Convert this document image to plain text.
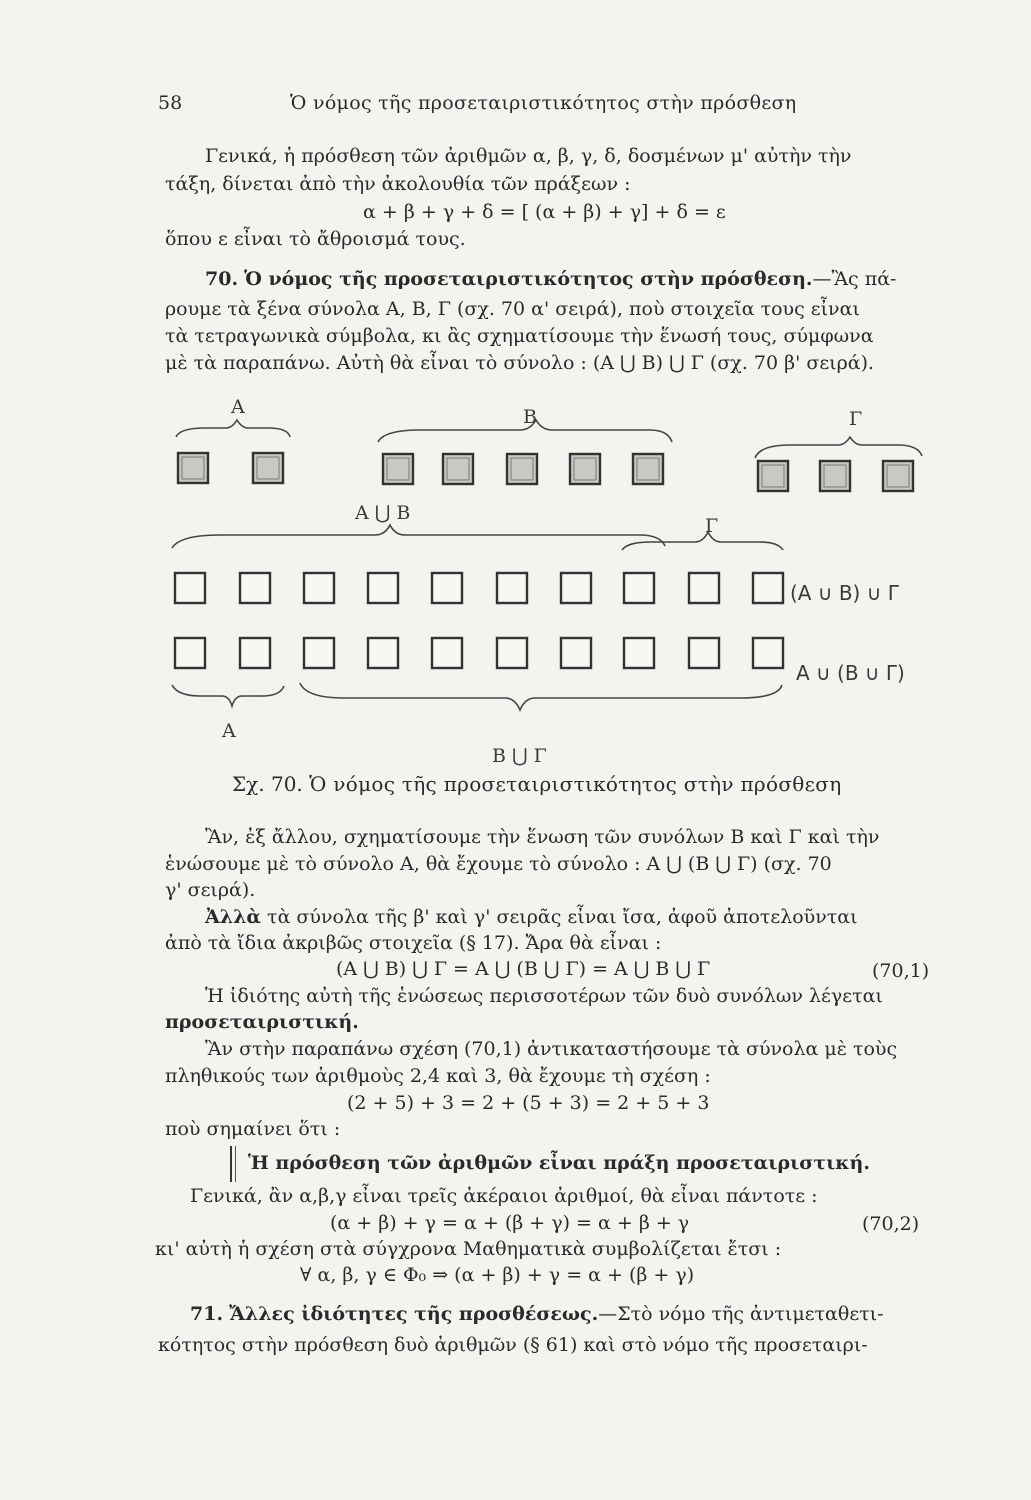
58	Ὁ νόμος τῆς προσεταιριστικότητος στὴν πρόσθεση
Γενικά, ἡ πρόσθεση τῶν ἀριθμῶν α, β, γ, δ, δοσμένων μ' αὐτὴν τὴν
τάξη, δίνεται ἀπὸ τὴν ἀκολουθία τῶν πράξεων :
α + β + γ + δ = [ (α + β) + γ] + δ = ε
ὅπου ε εἶναι τὸ ἄθροισμά τους.
70. Ὁ νόμος τῆς προσεταιριστικότητος στὴν πρόσθεση.—Ἂς πά-
ρουμε τὰ ξένα σύνολα Α, Β, Γ (σχ. 70 α' σειρά), ποὺ στοιχεῖα τους εἶναι
τὰ τετραγωνικὰ σύμβολα, κι ἂς σχηματίσουμε τὴν ἕνωσή τους, σύμφωνα
μὲ τὰ παραπάνω. Αὐτὴ θὰ εἶναι τὸ σύνολο : (Α ⋃ Β) ⋃ Γ (σχ. 70 β' σειρά).
Α	Β	Γ
Α ⋃ Β
Γ
(Α ∪ Β) ∪ Γ
Α ∪ (Β ∪ Γ)
Α
Β ⋃ Γ
Σχ. 70. Ὁ νόμος τῆς προσεταιριστικότητος στὴν πρόσθεση
Ἂν, ἐξ ἄλλου, σχηματίσουμε τὴν ἕνωση τῶν συνόλων Β καὶ Γ καὶ τὴν
ἑνώσουμε μὲ τὸ σύνολο Α, θὰ ἔχουμε τὸ σύνολο : Α ⋃ (Β ⋃ Γ) (σχ. 70
γ' σειρά).
Ἀλλὰ τὰ σύνολα τῆς β' καὶ γ' σειρᾶς εἶναι ἴσα, ἀφοῦ ἀποτελοῦνται
ἀπὸ τὰ ἴδια ἀκριβῶς στοιχεῖα (§ 17). Ἄρα θὰ εἶναι :
(Α ⋃ Β) ⋃ Γ = Α ⋃ (Β ⋃ Γ) = Α ⋃ Β ⋃ Γ	(70,1)
Ἡ ἰδιότης αὐτὴ τῆς ἑνώσεως περισσοτέρων τῶν δυὸ συνόλων λέγεται
προσεταιριστική.
Ἂν στὴν παραπάνω σχέση (70,1) ἀντικαταστήσουμε τὰ σύνολα μὲ τοὺς
πληθικούς των ἀριθμοὺς 2,4 καὶ 3, θὰ ἔχουμε τὴ σχέση :
(2 + 5) + 3 = 2 + (5 + 3) = 2 + 5 + 3
ποὺ σημαίνει ὅτι :
Ἡ πρόσθεση τῶν ἀριθμῶν εἶναι πράξη προσεταιριστική.
Γενικά, ἂν α,β,γ εἶναι τρεῖς ἀκέραιοι ἀριθμοί, θὰ εἶναι πάντοτε :
(α + β) + γ = α + (β + γ) = α + β + γ	(70,2)
κι' αὐτὴ ἡ σχέση στὰ σύγχρονα Μαθηματικὰ συμβολίζεται ἔτσι :
∀ α, β, γ ∈ Φ₀ ⇒ (α + β) + γ = α + (β + γ)
71. Ἄλλες ἰδιότητες τῆς προσθέσεως.—Στὸ νόμο τῆς ἀντιμεταθετι-
κότητος στὴν πρόσθεση δυὸ ἀριθμῶν (§ 61) καὶ στὸ νόμο τῆς προσεταιρι-
